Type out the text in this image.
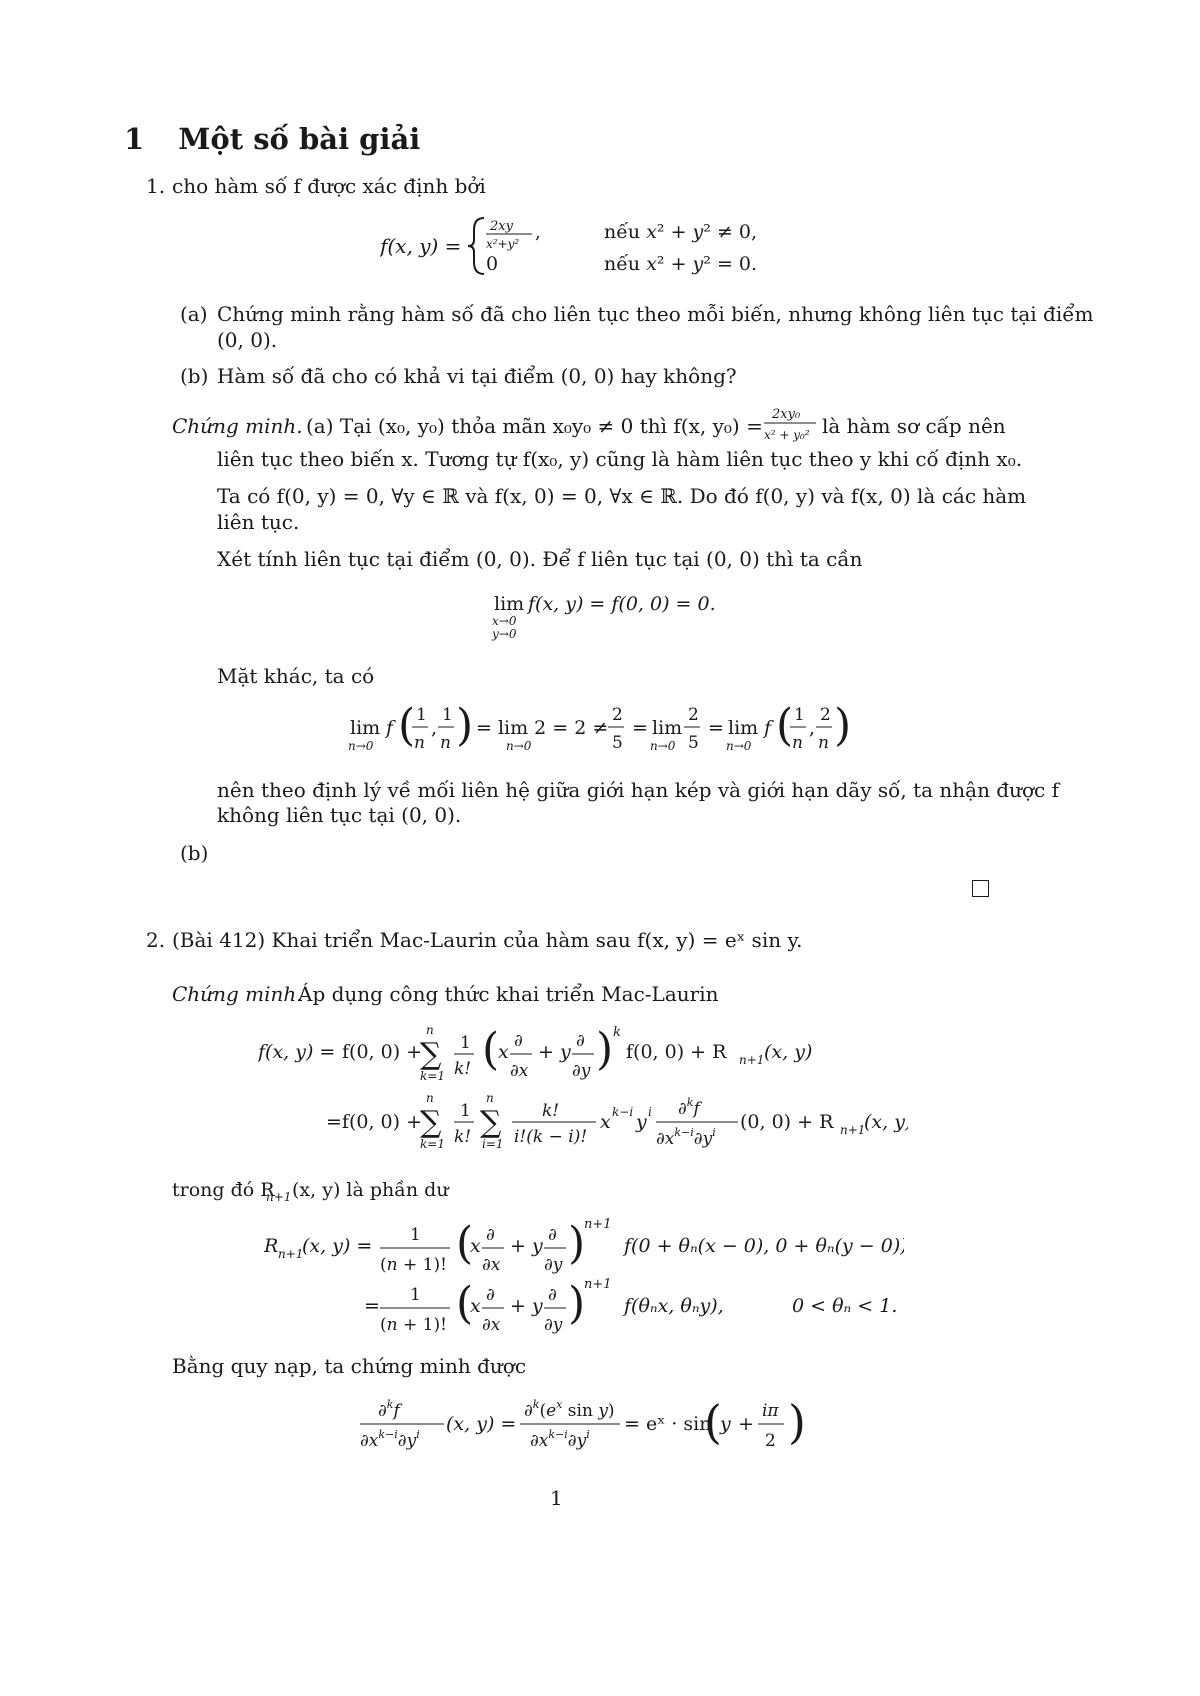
1 Một số bài giải
1. cho hàm số f được xác định bởi
f(x, y) =
2xy
x²+y²
,	nếu x² + y² ≠ 0,
0	nếu x² + y² = 0.
(a) Chứng minh rằng hàm số đã cho liên tục theo mỗi biến, nhưng không liên tục tại điểm
(0, 0).
(b) Hàm số đã cho có khả vi tại điểm (0, 0) hay không?
Chứng minh. (a) Tại (x₀, y₀) thỏa mãn x₀y₀ ≠ 0 thì f(x, y₀) = 2xy₀
x² + y₀² là hàm sơ cấp nên
liên tục theo biến x. Tương tự f(x₀, y) cũng là hàm liên tục theo y khi cố định x₀.
Ta có f(0, y) = 0, ∀y ∈ ℝ và f(x, 0) = 0, ∀x ∈ ℝ. Do đó f(0, y) và f(x, 0) là các hàm
liên tục.
Xét tính liên tục tại điểm (0, 0). Để f liên tục tại (0, 0) thì ta cần
lim
x→0
y→0
f(x, y) = f(0, 0) = 0.
Mặt khác, ta có
lim
n→0
f ( 1
n
,
1
n ) = lim 2 = 2 ≠
n→0
2
5
= lim
n→0
2
5
= lim
n→0
f ( 1
n
,
2
n )
nên theo định lý về mối liên hệ giữa giới hạn kép và giới hạn dãy số, ta nhận được f
không liên tục tại (0, 0).
(b)
2. (Bài 412) Khai triển Mac-Laurin của hàm sau f(x, y) = eˣ sin y.
Chứng minh.
Áp dụng công thức khai triển Mac-Laurin
f(x, y) = f(0, 0) +
n
∑
k=1
1
k! (
x ∂
∂x
+ y ∂
∂y ) k
f(0, 0) + R n+1 (x, y)
=f(0, 0) +
n
∑
k=1
1
k!
n
∑
i=1
k!
i!(k − i)!
x k−i y i ∂$^k$f
$\partial x^{k-i}\partial y^i$ (0, 0) + R n+1
(x, y)
trong đó R
n+1 (x, y) là phần dư
R n+1
(x, y) = 1
(n + 1)! (
x ∂
∂x
+ y ∂
∂y )
n+1
f(0 + θₙ(x − 0), 0 + θₙ(y − 0))
= 1
(n + 1)! (
x ∂
∂x
+ y ∂
∂y )
n+1
f(θₙx, θₙy),	0 < θₙ < 1.
Bằng quy nạp, ta chứng minh được
∂$^k$f
$\partial x^{k-i}\partial y^i$ (x, y) =
$\partial^k(e^x$ sin y)
$\partial x^{k-i}\partial y^i$ = eˣ · sin
(
y +
iπ
2 )
1
